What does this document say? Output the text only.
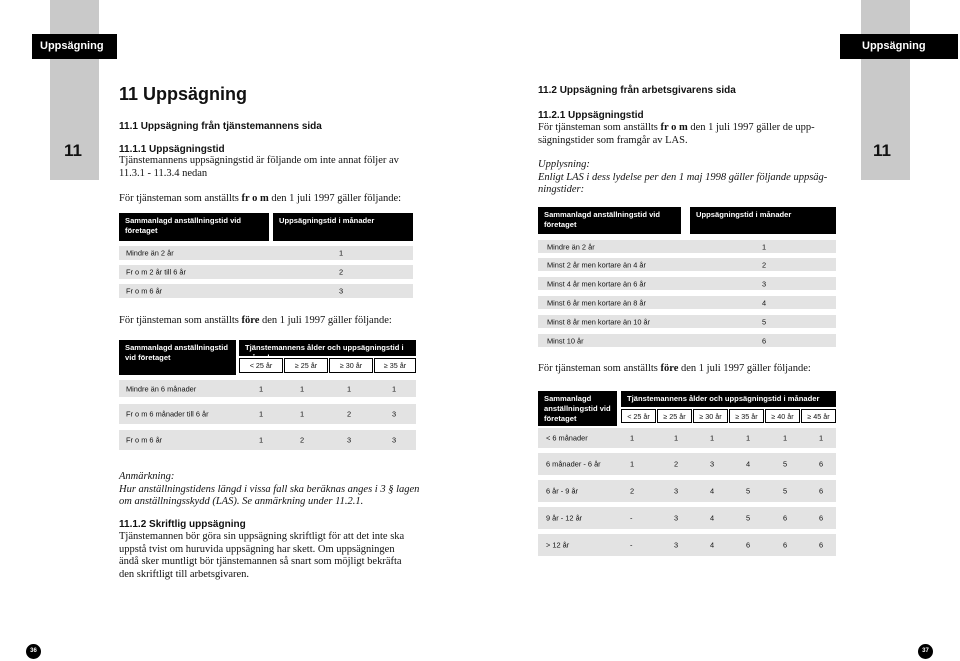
Uppsägning	Uppsägning
11	11
11 Uppsägning
11.1 Uppsägning från tjänstemannens sida
11.1.1 Uppsägningstid
Tjänstemannens uppsägningstid är följande om inte annat följer av
11.3.1 - 11.3.4 nedan
För tjänsteman som anställts fr o m den 1 juli 1997 gäller följande:
Sammanlagd anställningstid vid företaget
Uppsägningstid i månader
Mindre än 2 år	1
Fr o m 2 år till 6 år	2
Fr o m 6 år	3
För tjänsteman som anställts före den 1 juli 1997 gäller följande:
Sammanlagd anställningstid vid företaget
Tjänstemannens ålder och uppsägningstid i
< 25 år	≥ 25 år	≥ 30 år	≥ 35 år
Mindre än 6 månader	1	1	1	1
Fr o m 6 månader till 6 år	1	1	2	3
Fr o m 6 år	1	2	3	3
Anmärkning:
Hur anställningstidens längd i vissa fall ska beräknas anges i 3 § lagen
om anställningsskydd (LAS). Se anmärkning under 11.2.1.
11.1.2 Skriftlig uppsägning
Tjänstemannen bör göra sin uppsägning skriftligt för att det inte ska
uppstå tvist om huruvida uppsägning har skett. Om uppsägningen
ändå sker muntligt bör tjänstemannen så snart som möjligt bekräfta
den skriftligt till arbetsgivaren.
36
11.2 Uppsägning från arbetsgivarens sida
11.2.1 Uppsägningstid
För tjänsteman som anställts fr o m den 1 juli 1997 gäller de upp-
sägningstider som framgår av LAS.
Upplysning:
Enligt LAS i dess lydelse per den 1 maj 1998 gäller följande uppsäg-
ningstider:
Sammanlagd anställningstid vid företaget
Uppsägningstid i månader
Mindre än 2 år	1
Minst 2 år men kortare än 4 år	2
Minst 4 år men kortare än 6 år	3
Minst 6 år men kortare än 8 år	4
Minst 8 år men kortare än 10 år	5
Minst 10 år	6
För tjänsteman som anställts före den 1 juli 1997 gäller följande:
Sammanlagd anställningstid vid företaget
Tjänstemannens ålder och uppsägningstid i månader
< 25 år	≥ 25 år	≥ 30 år	≥ 35 år	≥ 40 år	≥ 45 år
< 6 månader	1	1	1	1	1	1
6 månader - 6 år	1	2	3	4	5	6
6 år - 9 år	2	3	4	5	5	6
9 år - 12 år	-	3	4	5	6	6
> 12 år	-	3	4	6	6	6
37
